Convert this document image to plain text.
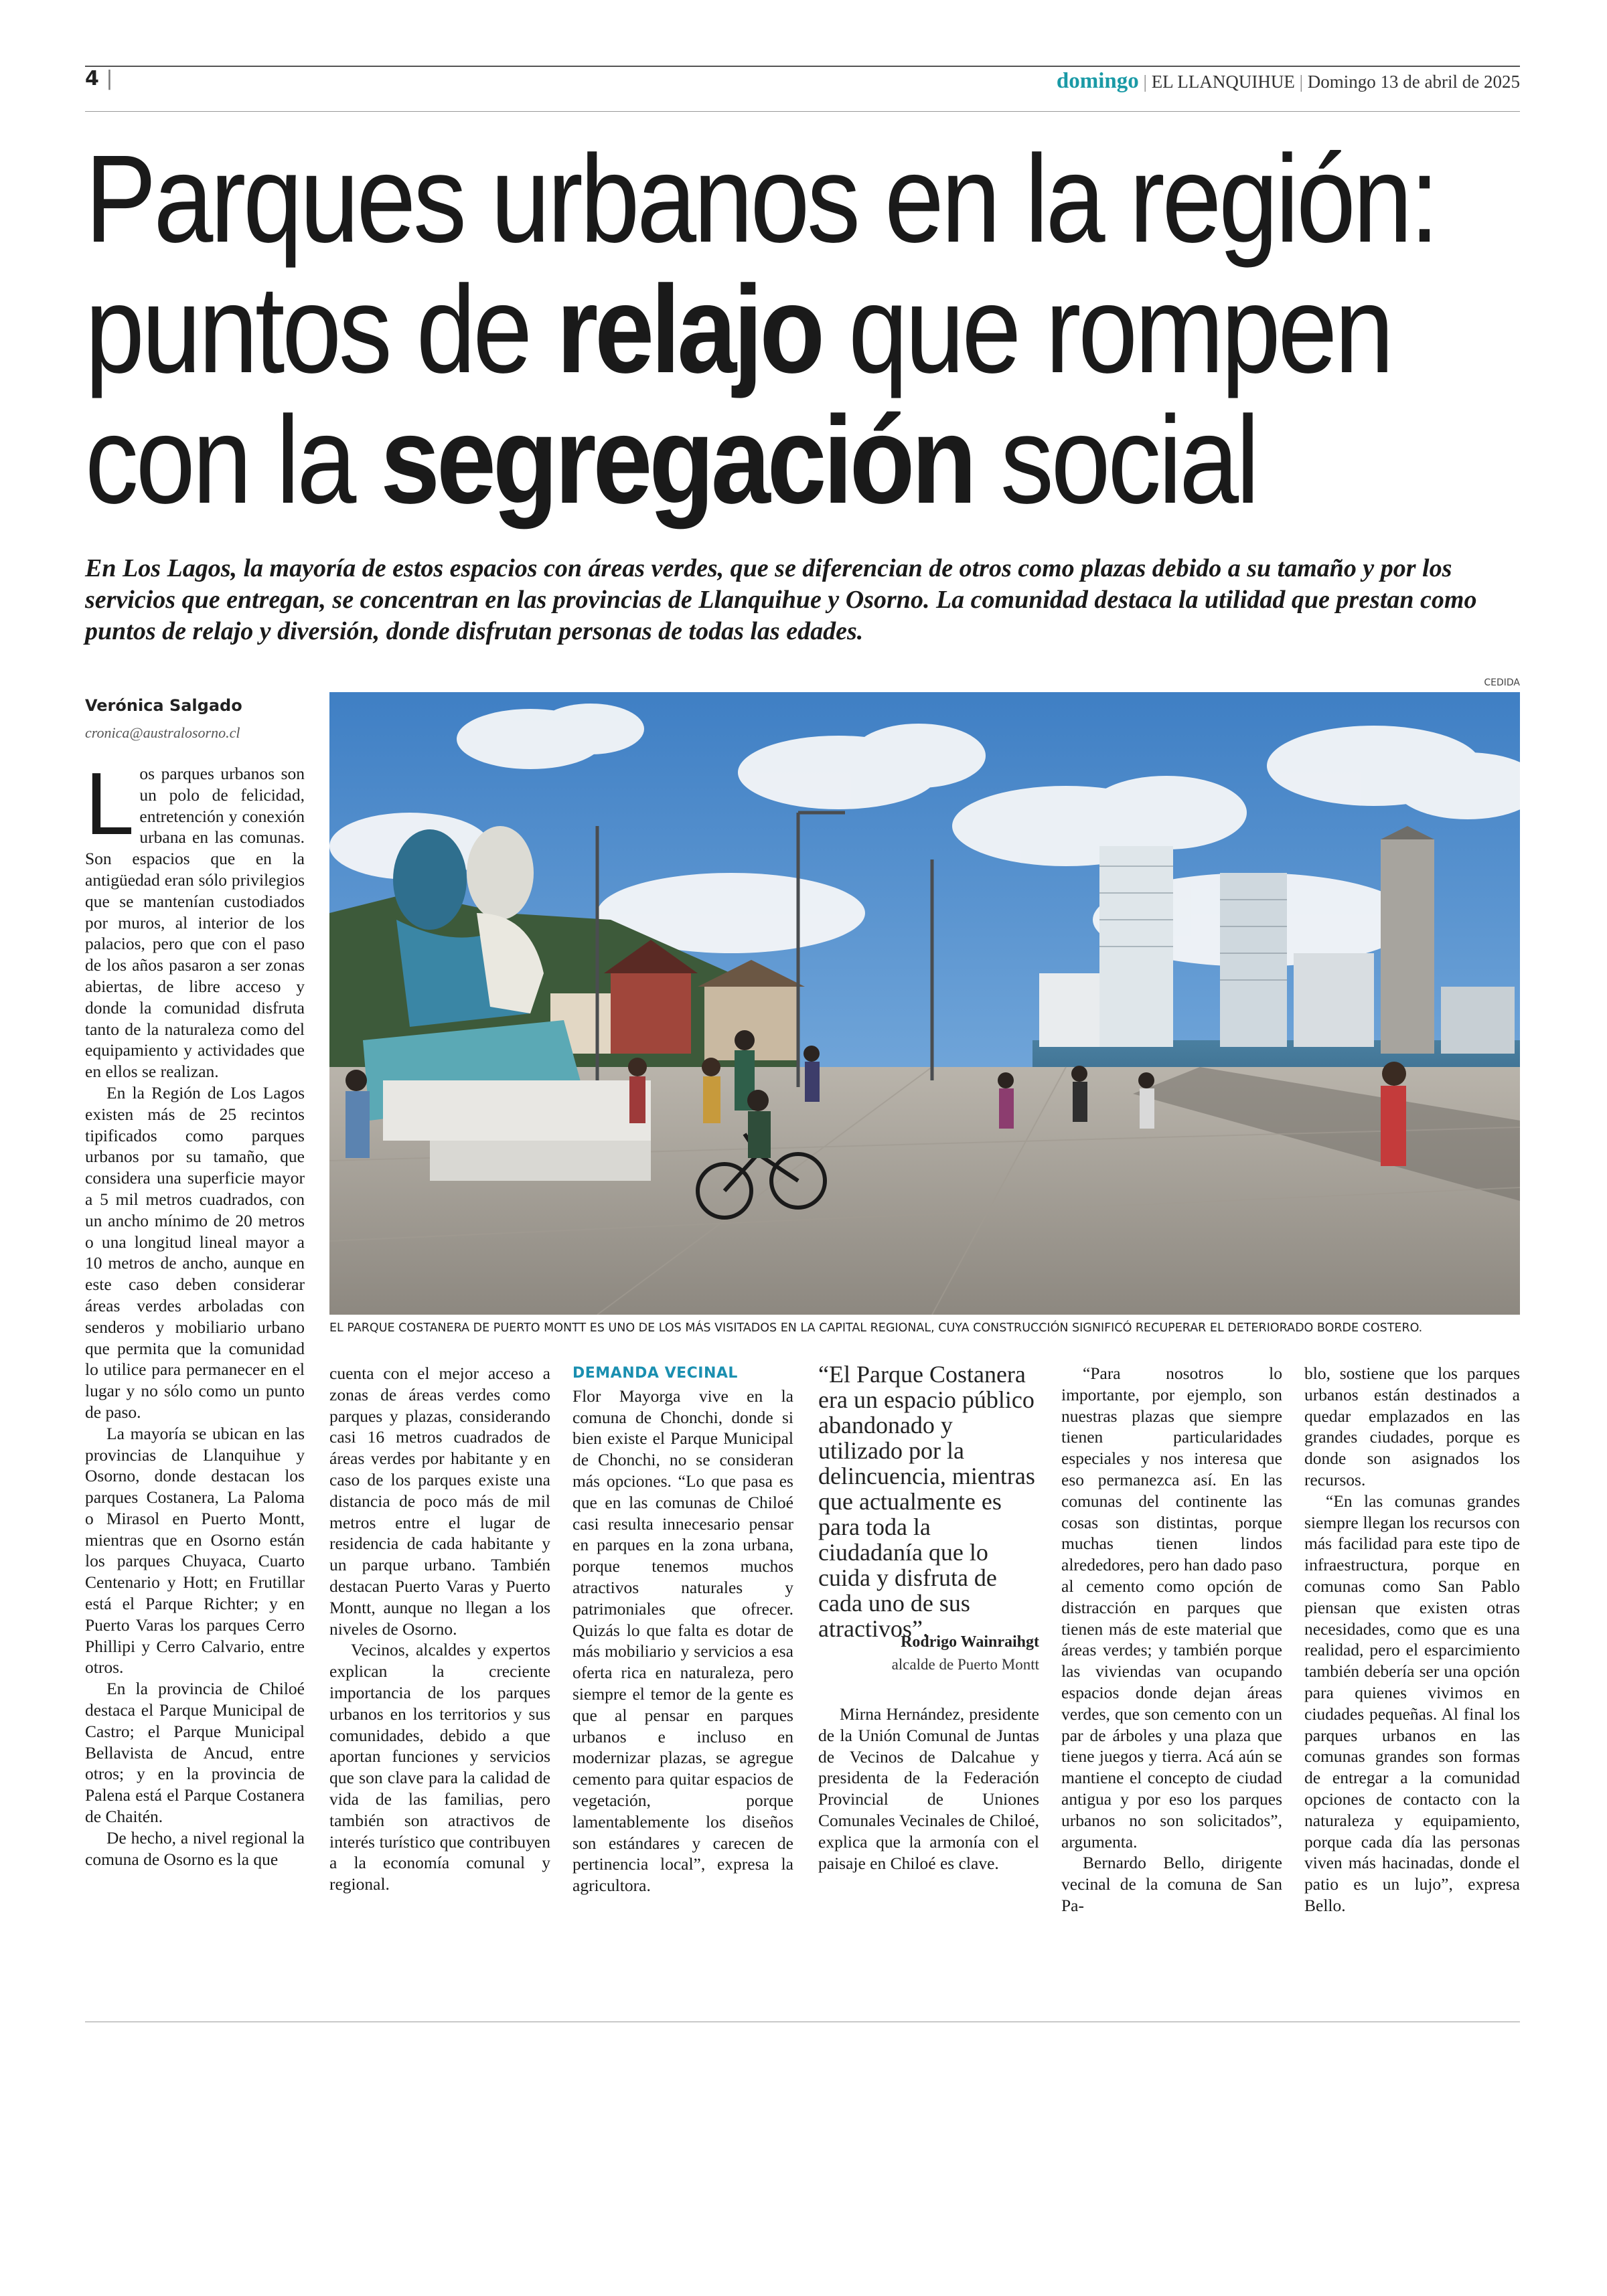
4 |	domingo | EL LLANQUIHUE | Domingo 13 de abril de 2025
Parques urbanos en la región:
puntos de relajo que rompen
con la segregación social

En Los Lagos, la mayoría de estos espacios con áreas verdes, que se diferencian de otros como plazas debido a su tamaño y por los servicios que entregan, se concentran en las provincias de Llanquihue y Osorno. La comunidad destaca la utilidad que prestan como puntos de relajo y diversión, donde disfrutan personas de todas las edades.

Verónica Salgado
cronica@australosorno.cl
CEDIDA
EL PARQUE COSTANERA DE PUERTO MONTT ES UNO DE LOS MÁS VISITADOS EN LA CAPITAL REGIONAL, CUYA CONSTRUCCIÓN SIGNIFICÓ RECUPERAR EL DETERIORADO BORDE COSTERO.

Los parques urbanos son un polo de felicidad, entretención y conexión urbana en las comunas. Son espacios que en la antigüedad eran sólo privilegios que se mantenían custodiados por muros, al interior de los palacios, pero que con el paso de los años pasaron a ser zonas abiertas, de libre acceso y donde la comunidad disfruta tanto de la naturaleza como del equipamiento y actividades que en ellos se realizan.

En la Región de Los Lagos existen más de 25 recintos tipificados como parques urbanos por su tamaño, que considera una superficie mayor a 5 mil metros cuadrados, con un ancho mínimo de 20 metros o una longitud lineal mayor a 10 metros de ancho, aunque en este caso deben considerar áreas verdes arboladas con senderos y mobiliario urbano que permita que la comunidad lo utilice para permanecer en el lugar y no sólo como un punto de paso.

La mayoría se ubican en las provincias de Llanquihue y Osorno, donde destacan los parques Costanera, La Paloma o Mirasol en Puerto Montt, mientras que en Osorno están los parques Chuyaca, Cuarto Centenario y Hott; en Frutillar está el Parque Richter; y en Puerto Varas los parques Cerro Phillipi y Cerro Calvario, entre otros.

En la provincia de Chiloé destaca el Parque Municipal de Castro; el Parque Municipal Bellavista de Ancud, entre otros; y en la provincia de Palena está el Parque Costanera de Chaitén.

De hecho, a nivel regional la comuna de Osorno es la que

cuenta con el mejor acceso a zonas de áreas verdes como parques y plazas, considerando casi 16 metros cuadrados de áreas verdes por habitante y en caso de los parques existe una distancia de poco más de mil metros entre el lugar de residencia de cada habitante y un parque urbano. También destacan Puerto Varas y Puerto Montt, aunque no llegan a los niveles de Osorno.

Vecinos, alcaldes y expertos explican la creciente importancia de los parques urbanos en los territorios y sus comunidades, debido a que aportan funciones y servicios que son clave para la calidad de vida de las familias, pero también son atractivos de interés turístico que contribuyen a la economía comunal y regional.

DEMANDA VECINAL

Flor Mayorga vive en la comuna de Chonchi, donde si bien existe el Parque Municipal de Chonchi, no se consideran más opciones. “Lo que pasa es que en las comunas de Chiloé casi resulta innecesario pensar en parques en la zona urbana, porque tenemos muchos atractivos naturales y patrimoniales que ofrecer. Quizás lo que falta es dotar de más mobiliario y servicios a esa oferta rica en naturaleza, pero siempre el temor de la gente es que al pensar en parques urbanos e incluso en modernizar plazas, se agregue cemento para quitar espacios de vegetación, porque lamentablemente los diseños son estándares y carecen de pertinencia local”, expresa la agricultora.

“El Parque Costanera era un espacio público abandonado y utilizado por la delincuencia, mientras que actualmente es para toda la ciudadanía que lo cuida y disfruta de cada uno de sus atractivos”.
Rodrigo Wainraihgt
alcalde de Puerto Montt

Mirna Hernández, presidente de la Unión Comunal de Juntas de Vecinos de Dalcahue y presidenta de la Federación Provincial de Uniones Comunales Vecinales de Chiloé, explica que la armonía con el paisaje en Chiloé es clave.

“Para nosotros lo importante, por ejemplo, son nuestras plazas que siempre tienen particularidades especiales y nos interesa que eso permanezca así. En las comunas del continente las cosas son distintas, porque muchas tienen lindos alrededores, pero han dado paso al cemento como opción de distracción en parques que tienen más de este material que áreas verdes; y también porque las viviendas van ocupando espacios donde dejan áreas verdes, que son cemento con un par de árboles y una plaza que tiene juegos y tierra. Acá aún se mantiene el concepto de ciudad antigua y por eso los parques urbanos no son solicitados”, argumenta.

Bernardo Bello, dirigente vecinal de la comuna de San Pa-

blo, sostiene que los parques urbanos están destinados a quedar emplazados en las grandes ciudades, porque es donde son asignados los recursos.

“En las comunas grandes siempre llegan los recursos con más facilidad para este tipo de infraestructura, porque en comunas como San Pablo piensan que existen otras necesidades, como que es una realidad, pero el esparcimiento también debería ser una opción para quienes vivimos en ciudades pequeñas. Al final los parques urbanos en las comunas grandes son formas de entregar a la comunidad opciones de contacto con la naturaleza y equipamiento, porque cada día las personas viven más hacinadas, donde el patio es un lujo”, expresa Bello.
